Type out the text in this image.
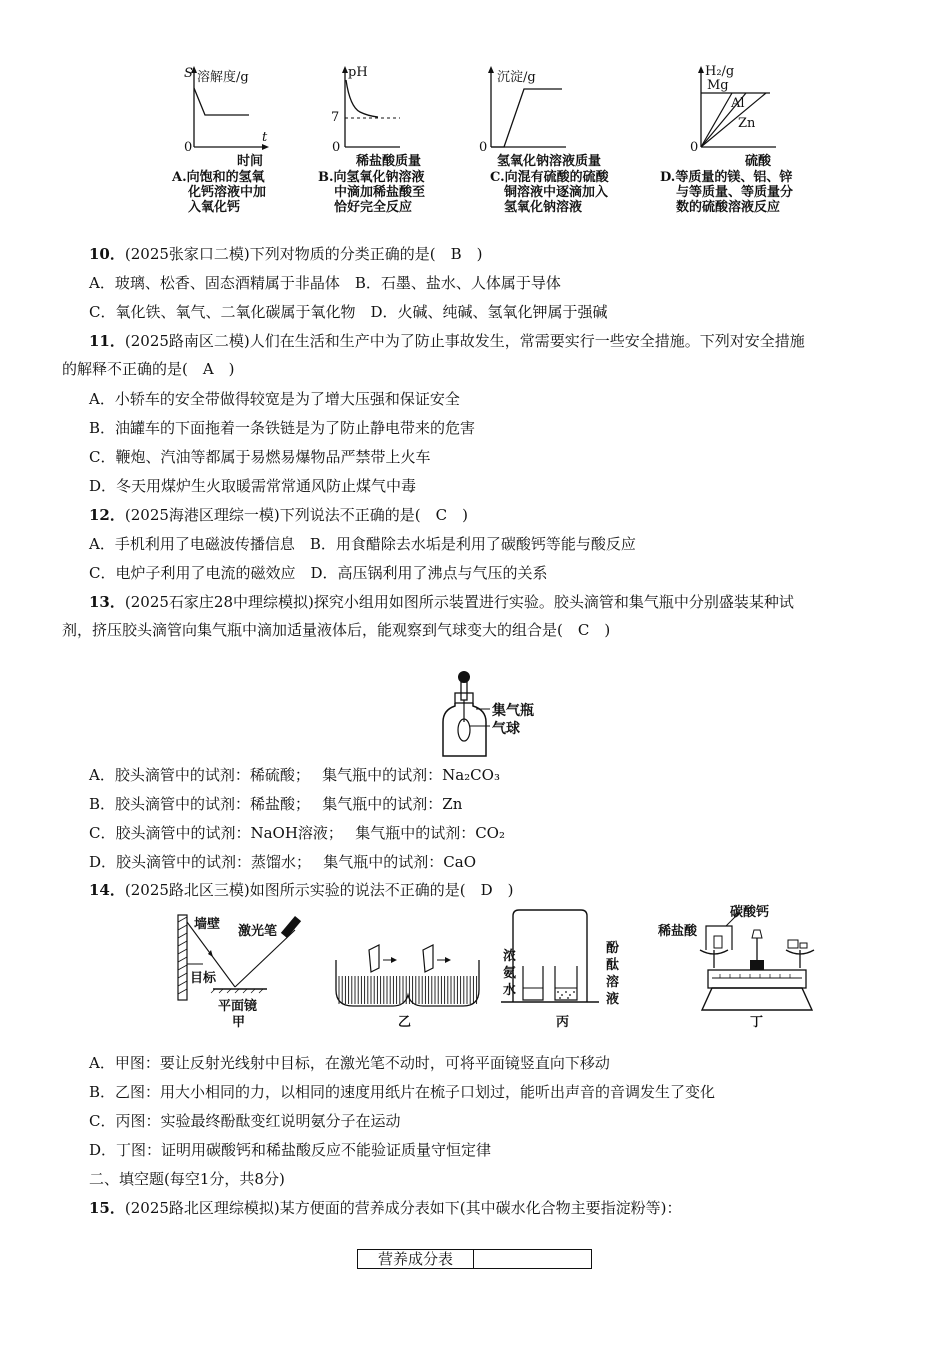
S 溶解度/g
t
0
时间
pH
7
0
稀盐酸质量
沉淀/g
0
氢氧化钠溶液质量
H₂/g
Mg
Al
Zn
0
硫酸
A.向饱和的氢氧
化钙溶液中加
入氧化钙
B.向氢氧化钠溶液
中滴加稀盐酸至
恰好完全反应
C.向混有硫酸的硫酸
铜溶液中逐滴加入
氢氧化钠溶液
D.等质量的镁、铝、锌
与等质量、等质量分
数的硫酸溶液反应
10．(2025张家口二模)下列对物质的分类正确的是(　B　)
A．玻璃、松香、固态酒精属于非晶体　B．石墨、盐水、人体属于导体
C．氧化铁、氧气、二氧化碳属于氧化物　D．火碱、纯碱、氢氧化钾属于强碱
11．(2025路南区二模)人们在生活和生产中为了防止事故发生，常需要实行一些安全措施。下列对安全措施
的解释不正确的是(　A　)
A．小轿车的安全带做得较宽是为了增大压强和保证安全
B．油罐车的下面拖着一条铁链是为了防止静电带来的危害
C．鞭炮、汽油等都属于易燃易爆物品严禁带上火车
D．冬天用煤炉生火取暖需常常通风防止煤气中毒
12．(2025海港区理综一模)下列说法不正确的是(　C　)
A．手机利用了电磁波传播信息　B．用食醋除去水垢是利用了碳酸钙等能与酸反应
C．电炉子利用了电流的磁效应　D．高压锅利用了沸点与气压的关系
13．(2025石家庄28中理综模拟)探究小组用如图所示装置进行实验。胶头滴管和集气瓶中分别盛装某种试
剂，挤压胶头滴管向集气瓶中滴加适量液体后，能观察到气球变大的组合是(　C　)
集气瓶
气球
A．胶头滴管中的试剂：稀硫酸；　 集气瓶中的试剂：Na₂CO₃
B．胶头滴管中的试剂：稀盐酸；　 集气瓶中的试剂：Zn
C．胶头滴管中的试剂：NaOH溶液；　 集气瓶中的试剂：CO₂
D．胶头滴管中的试剂：蒸馏水；　 集气瓶中的试剂：CaO
14．(2025路北区三模)如图所示实验的说法不正确的是(　D　)
墙壁 激光笔
目标
平面镜
甲	乙
浓
氨
水
酚
酞
溶
液
丙
碳酸钙
稀盐酸
丁
A．甲图：要让反射光线射中目标，在激光笔不动时，可将平面镜竖直向下移动
B．乙图：用大小相同的力，以相同的速度用纸片在梳子口划过，能听出声音的音调发生了变化
C．丙图：实验最终酚酞变红说明氨分子在运动
D．丁图：证明用碳酸钙和稀盐酸反应不能验证质量守恒定律
二、填空题(每空1分，共8分)
15．(2025路北区理综模拟)某方便面的营养成分表如下(其中碳水化合物主要指淀粉等)：
营养成分表
